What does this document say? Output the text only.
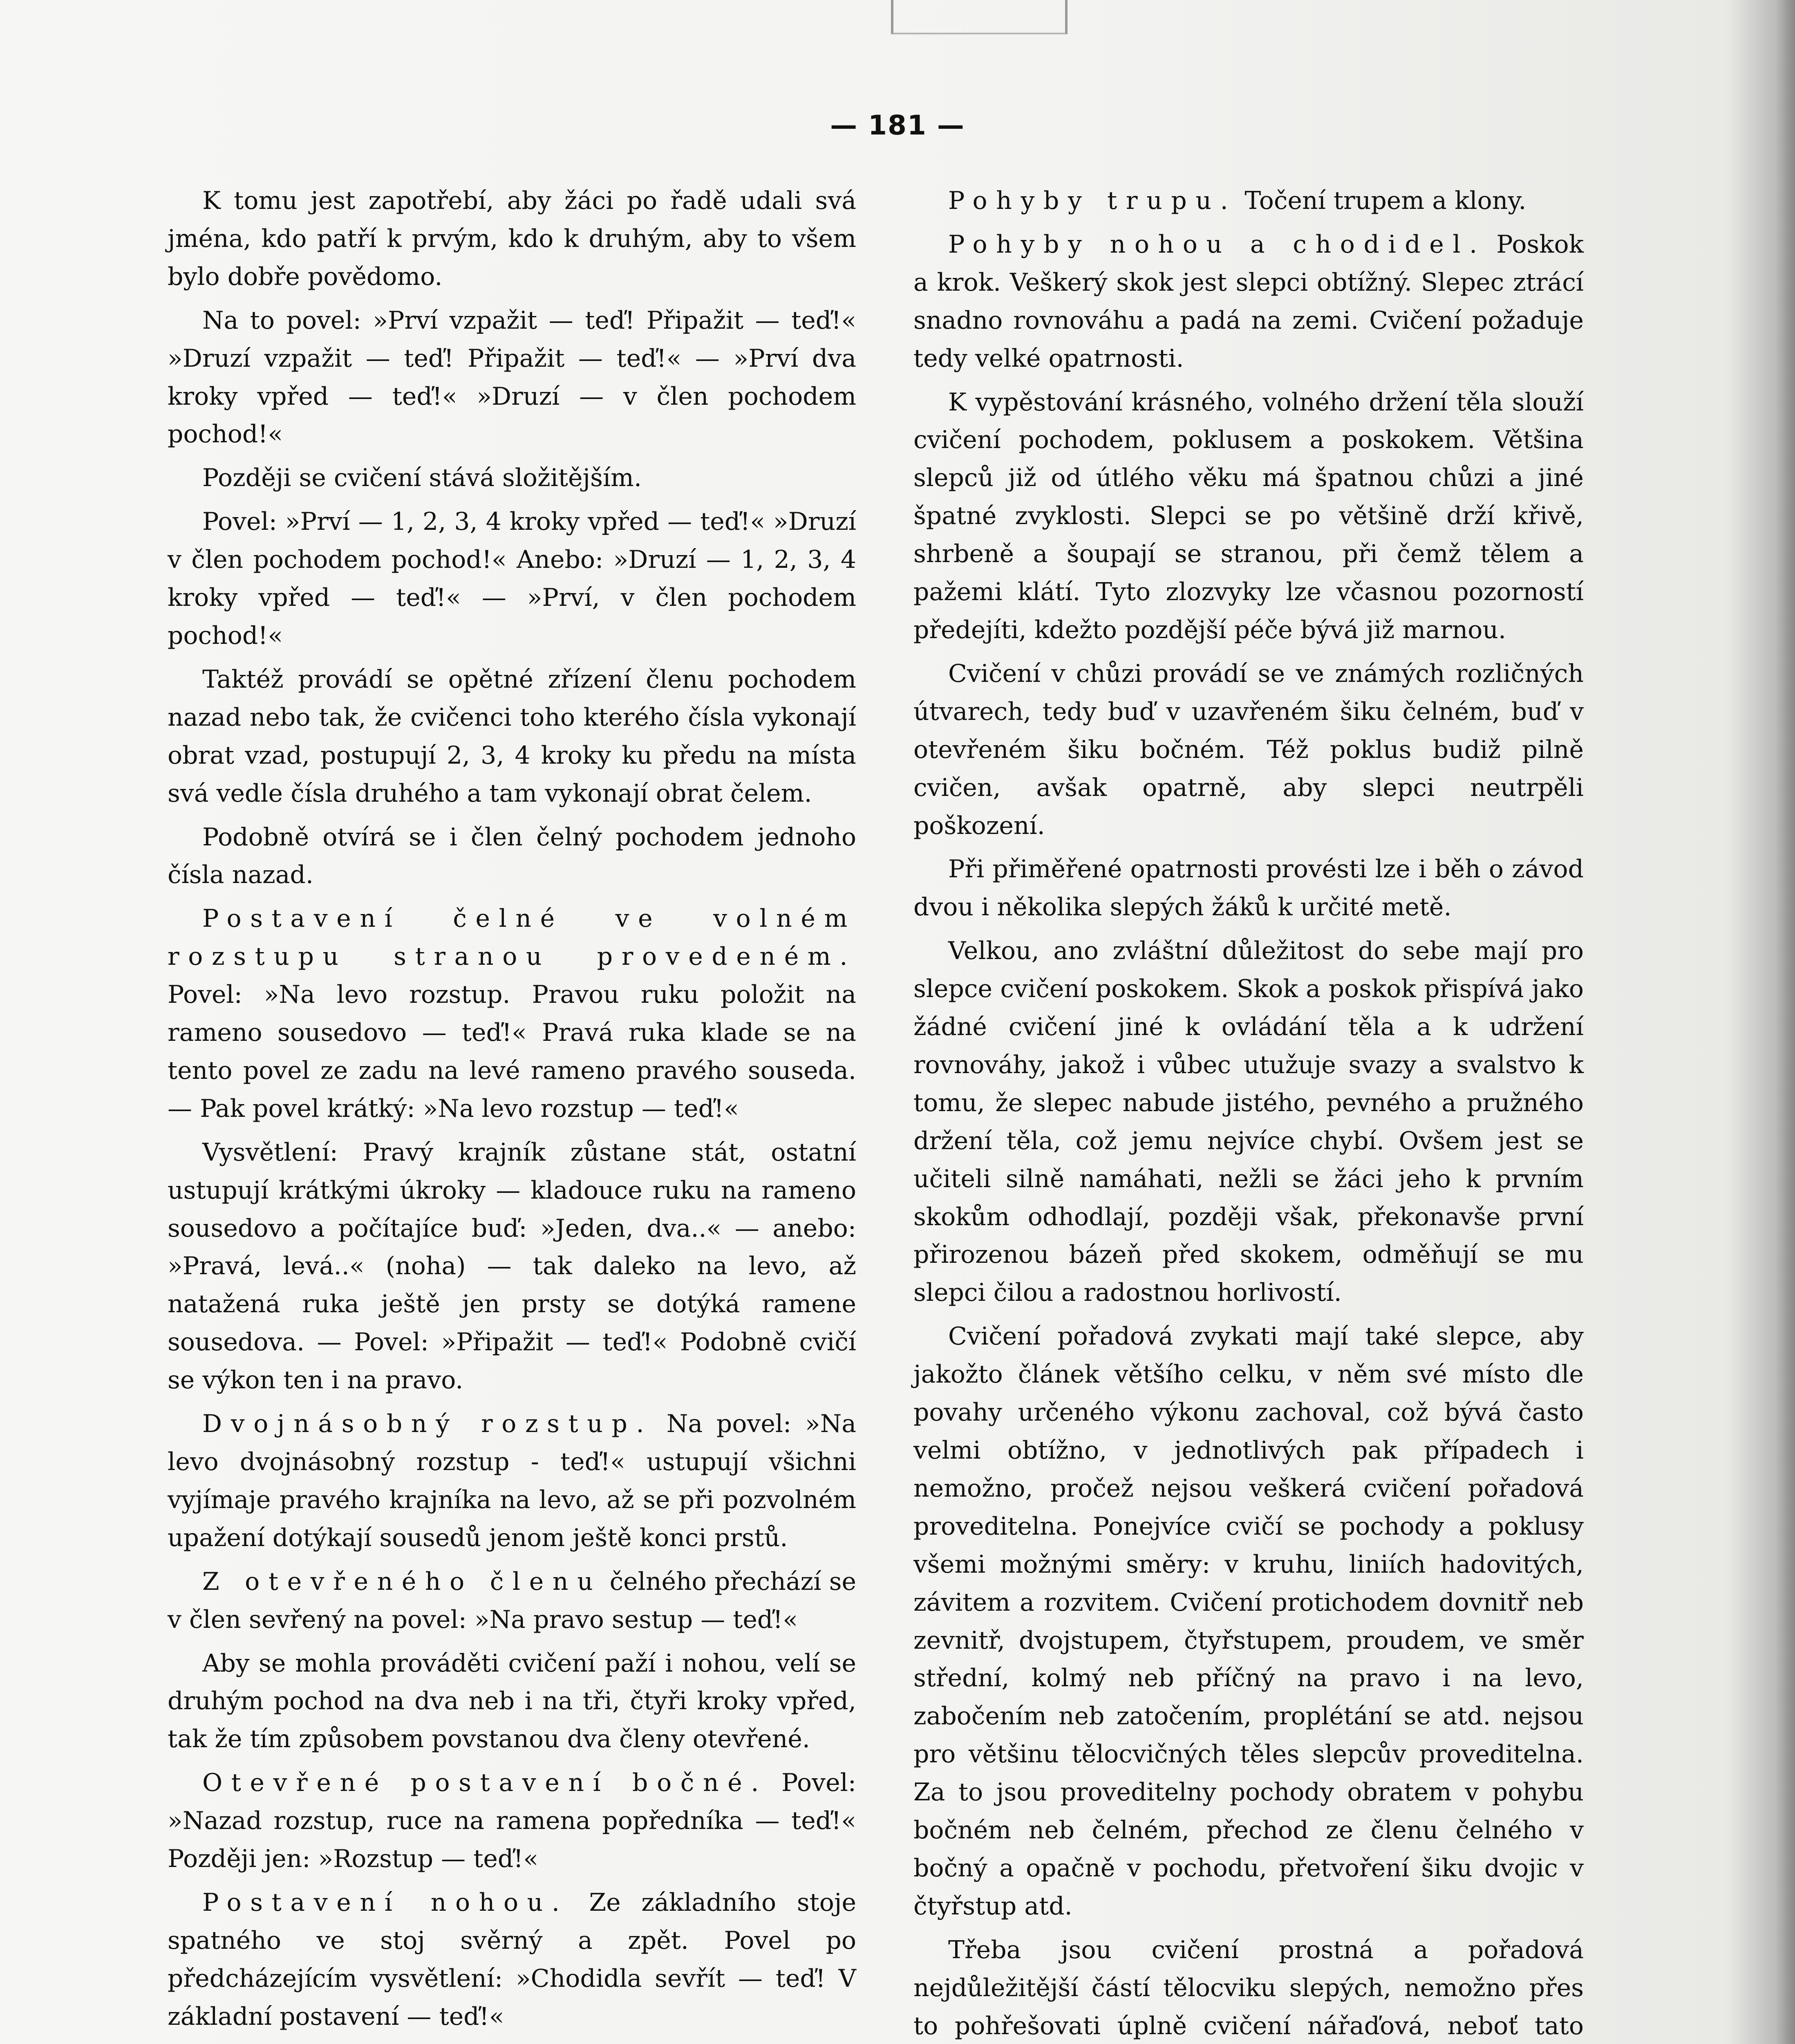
— 181 —

K tomu jest zapotřebí, aby žáci po řadě udali svá jména, kdo patří k prvým, kdo k druhým, aby to všem bylo dobře povědomo.

Na to povel: »Prví vzpažit — teď! Připažit — teď!« »Druzí vzpažit — teď! Připažit — teď!« — »Prví dva kroky vpřed — teď!« »Druzí — v člen pochodem pochod!«

Později se cvičení stává složitějším.

Povel: »Prví — 1, 2, 3, 4 kroky vpřed — teď!« »Druzí v člen pochodem pochod!« Anebo: »Druzí — 1, 2, 3, 4 kroky vpřed — teď!« — »Prví, v člen pochodem pochod!«

Taktéž provádí se opětné zřízení členu pochodem nazad nebo tak, že cvičenci toho kterého čísla vykonají obrat vzad, postupují 2, 3, 4 kroky ku předu na místa svá vedle čísla druhého a tam vykonají obrat čelem.

Podobně otvírá se i člen čelný pochodem jednoho čísla nazad.

Postavení čelné ve volném rozstupu stranou provedeném. Povel: »Na levo rozstup. Pravou ruku položit na rameno sousedovo — teď!« Pravá ruka klade se na tento povel ze zadu na levé rameno pravého souseda. — Pak povel krátký: »Na levo rozstup — teď!«

Vysvětlení: Pravý krajník zůstane stát, ostatní ustupují krátkými úkroky — kladouce ruku na rameno sousedovo a počítajíce buď: »Jeden, dva..« — anebo: »Pravá, levá..« (noha) — tak daleko na levo, až natažená ruka ještě jen prsty se dotýká ramene sousedova. — Povel: »Připažit — teď!« Podobně cvičí se výkon ten i na pravo.

Dvojnásobný rozstup. Na povel: »Na levo dvojnásobný rozstup - teď!« ustupují všichni vyjímaje pravého krajníka na levo, až se při pozvolném upažení dotýkají sousedů jenom ještě konci prstů.

Z otevřeného členu čelného přechází se v člen sevřený na povel: »Na pravo sestup — teď!«

Aby se mohla prováděti cvičení paží i nohou, velí se druhým pochod na dva neb i na tři, čtyři kroky vpřed, tak že tím způsobem povstanou dva členy otevřené.

Otevřené postavení bočné. Povel: »Nazad rozstup, ruce na ramena popředníka — teď!« Později jen: »Rozstup — teď!«

Postavení nohou. Ze základního stoje spatného ve stoj svěrný a zpět. Povel po předcházejícím vysvětlení: »Chodidla sevřít — teď! V základní postavení — teď!«

Pohyby trupu. Točení trupem a klony.

Pohyby nohou a chodidel. Poskok a krok. Veškerý skok jest slepci obtížný. Slepec ztrácí snadno rovnováhu a padá na zemi. Cvičení požaduje tedy velké opatrnosti.

K vypěstování krásného, volného držení těla slouží cvičení pochodem, poklusem a poskokem. Většina slepců již od útlého věku má špatnou chůzi a jiné špatné zvyklosti. Slepci se po většině drží křivě, shrbeně a šoupají se stranou, při čemž tělem a pažemi klátí. Tyto zlozvyky lze včasnou pozorností předejíti, kdežto pozdější péče bývá již marnou.

Cvičení v chůzi provádí se ve známých rozličných útvarech, tedy buď v uzavřeném šiku čelném, buď v otevřeném šiku bočném. Též poklus budiž pilně cvičen, avšak opatrně, aby slepci neutrpěli poškození.

Při přiměřené opatrnosti provésti lze i běh o závod dvou i několika slepých žáků k určité metě.

Velkou, ano zvláštní důležitost do sebe mají pro slepce cvičení poskokem. Skok a poskok přispívá jako žádné cvičení jiné k ovládání těla a k udržení rovnováhy, jakož i vůbec utužuje svazy a svalstvo k tomu, že slepec nabude jistého, pevného a pružného držení těla, což jemu nejvíce chybí. Ovšem jest se učiteli silně namáhati, nežli se žáci jeho k prvním skokům odhodlají, později však, překonavše první přirozenou bázeň před skokem, odměňují se mu slepci čilou a radostnou horlivostí.

Cvičení pořadová zvykati mají také slepce, aby jakožto článek většího celku, v něm své místo dle povahy určeného výkonu zachoval, což bývá často velmi obtížno, v jednotlivých pak případech i nemožno, pročež nejsou veškerá cvičení pořadová proveditelna. Ponejvíce cvičí se pochody a poklusy všemi možnými směry: v kruhu, liniích hadovitých, závitem a rozvitem. Cvičení protichodem dovnitř neb zevnitř, dvojstupem, čtyřstupem, proudem, ve směr střední, kolmý neb příčný na pravo i na levo, zabočením neb zatočením, proplétání se atd. nejsou pro většinu tělocvičných těles slepcův proveditelna. Za to jsou proveditelny pochody obratem v pohybu bočném neb čelném, přechod ze členu čelného v bočný a opačně v pochodu, přetvoření šiku dvojic v čtyřstup atd.

Třeba jsou cvičení prostná a pořadová nejdůležitější částí tělocviku slepých, nemožno přes to pohřešovati úplně cvičení nářaďová, neboť tato
